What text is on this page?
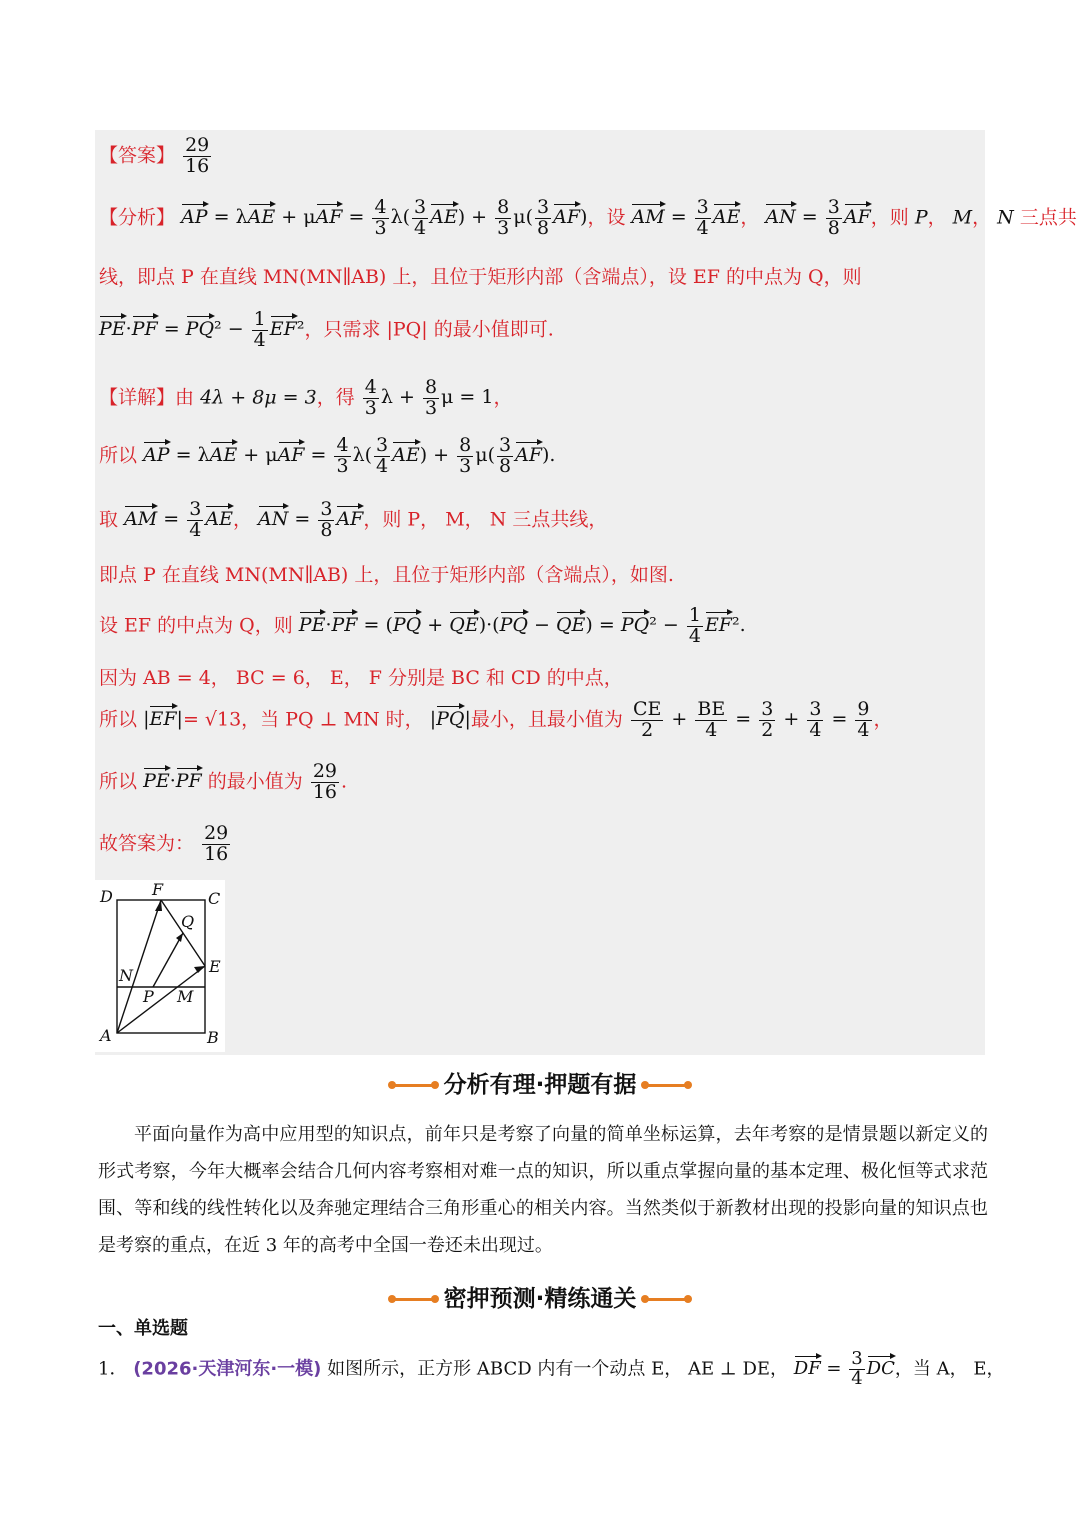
【答案】 $\frac{29}{16}$
【分析】 AP = $\lambda AE + \mu AF = \frac{4}{3} \lambda( \frac{3}{4} AE) + \frac{8}{3} \mu( \frac{3}{8} AF)$，设 AM = $\frac{3}{4}$ AE， AN = $\frac{3}{8}$ AF，则 P， M， N 三点共
线，即点 P 在直线 MN(MN∥AB) 上，且位于矩形内部（含端点），设 EF 的中点为 Q，则
$PE\cdot PF = PQ^2 - \frac{1}{4} EF^2$，只需求 |PQ| 的最小值即可.
【详解】由 4λ + 8μ = 3，得 $\frac{4}{3}$ $\lambda + \frac{8}{3}$ μ = 1，
所以 AP = $\lambda AE + \mu AF = \frac{4}{3} \lambda( \frac{3}{4} AE) + \frac{8}{3} \mu( \frac{3}{8} AF)$.
取 AM = $\frac{3}{4}$ AE， AN = $\frac{3}{8}$ AF，则 P， M， N 三点共线，
即点 P 在直线 MN(MN∥AB) 上，且位于矩形内部（含端点），如图.
设 EF 的中点为 Q，则 $PE\cdot PF = (PQ + QE)\cdot(PQ - QE) = PQ^2 - \frac{1}{4} EF^2$.
因为 AB = 4， BC = 6， E， F 分别是 BC 和 CD 的中点，
所以 |EF|= √13，当 PQ ⊥ MN 时， |PQ|最小，且最小值为 $\frac{CE}{2} + \frac{BE}{4} = \frac{3}{2} + \frac{3}{4} = \frac{9}{4}$ ，
所以 PE·PF 的最小值为 $\frac{29}{16}$ .
故答案为： $\frac{29}{16}$
D F	C
Q
E
N
P M
A	B
分析有理·押题有据
平面向量作为高中应用型的知识点，前年只是考察了向量的简单坐标运算，去年考察的是情景题以新定义的形式考察，今年大概率会结合几何内容考察相对难一点的知识，所以重点掌握向量的基本定理、极化恒等式求范围、等和线的线性转化以及奔驰定理结合三角形重心的相关内容。当然类似于新教材出现的投影向量的知识点也是考察的重点，在近 3 年的高考中全国一卷还未出现过。
密押预测·精练通关
一、单选题
1． (2026·天津河东·一模) 如图所示，正方形 ABCD 内有一个动点 E， AE ⊥ DE， DF = $\frac{3}{4}$ DC，当 A， E，
